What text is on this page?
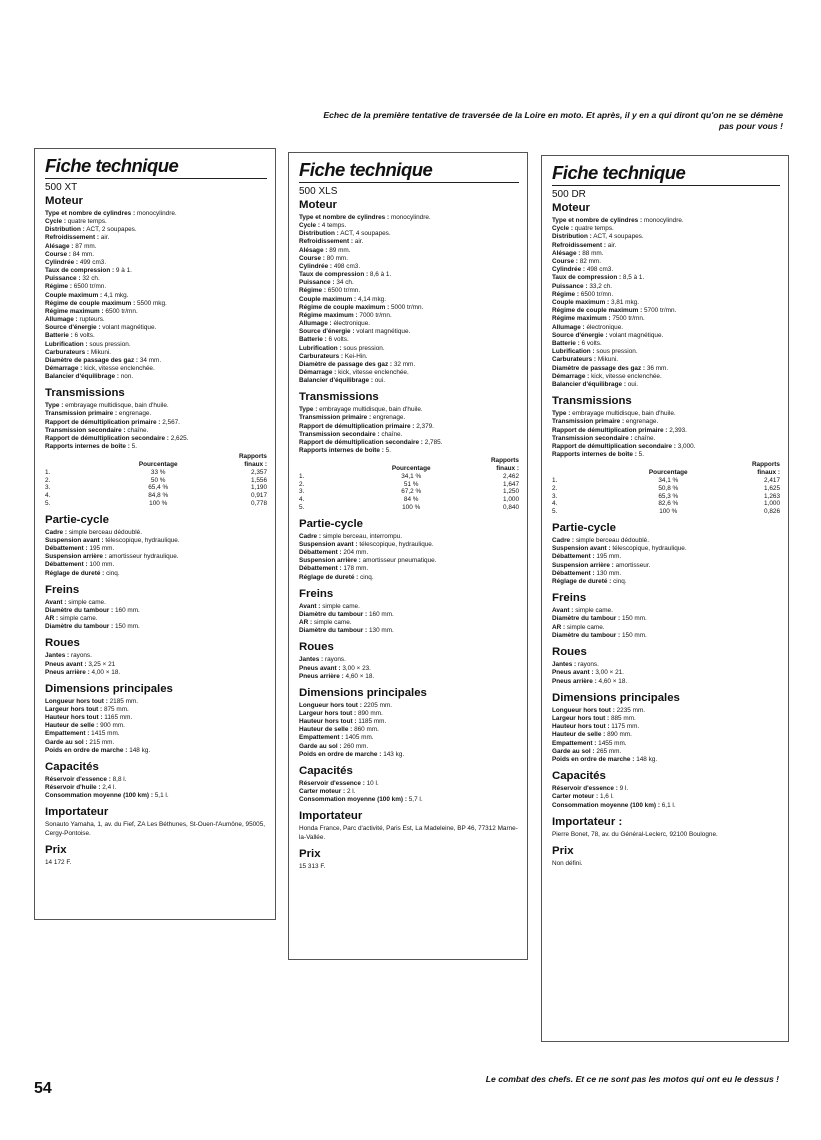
Echec de la première tentative de traversée de la Loire en moto. Et après, il y en a qui diront qu'on ne se démène pas pour vous !
Fiche technique
500 XT
Moteur
Type et nombre de cylindres : monocylindre.
Cycle : quatre temps.
Distribution : ACT, 2 soupapes.
Refroidissement : air.
Alésage : 87 mm.
Course : 84 mm.
Cylindrée : 499 cm3.
Taux de compression : 9 à 1.
Puissance : 32 ch.
Régime : 6500 tr/mn.
Couple maximum : 4,1 mkg.
Régime de couple maximum : 5500 mkg.
Régime maximum : 6500 tr/mn.
Allumage : rupteurs.
Source d'énergie : volant magnétique.
Batterie : 6 volts.
Lubrification : sous pression.
Carburateurs : Mikuni.
Diamètre de passage des gaz : 34 mm.
Démarrage : kick, vitesse enclenchée.
Balancier d'équilibrage : non.
Transmissions
Type : embrayage multidisque, bain d'huile.
Transmission primaire : engrenage.
Rapport de démultiplication primaire : 2,567.
Transmission secondaire : chaîne.
Rapport de démultiplication secondaire : 2,625.
Rapports internes de boîte : 5.
Pourcentage
Rapports
finaux :
1.	33 %	2,357
2.	50 %	1,556
3.	65,4 %	1,190
4.	84,8 %	0,917
5.	100 %	0,778
Partie-cycle
Cadre : simple berceau dédoublé.
Suspension avant : télescopique, hydraulique.
Débattement : 195 mm.
Suspension arrière : amortisseur hydraulique.
Débattement : 100 mm.
Réglage de dureté : cinq.
Freins
Avant : simple came.
Diamètre du tambour : 160 mm.
AR : simple came.
Diamètre du tambour : 150 mm.
Roues
Jantes : rayons.
Pneus avant : 3,25 × 21
Pneus arrière : 4,00 × 18.
Dimensions principales
Longueur hors tout : 2185 mm.
Largeur hors tout : 875 mm.
Hauteur hors tout : 1165 mm.
Hauteur de selle : 900 mm.
Empattement : 1415 mm.
Garde au sol : 215 mm.
Poids en ordre de marche : 148 kg.
Capacités
Réservoir d'essence : 8,8 l.
Réservoir d'huile : 2,4 l.
Consommation moyenne (100 km) : 5,1 l.
Importateur
Sonauto Yamaha, 1, av. du Fief, ZA Les Béthunes, St-Ouen-l'Aumône, 95005, Cergy-Pontoise.
Prix
14 172 F.
Fiche technique
500 XLS
Moteur
Type et nombre de cylindres : monocylindre.
Cycle : 4 temps.
Distribution : ACT, 4 soupapes.
Refroidissement : air.
Alésage : 89 mm.
Course : 80 mm.
Cylindrée : 498 cm3.
Taux de compression : 8,6 à 1.
Puissance : 34 ch.
Régime : 6500 tr/mn.
Couple maximum : 4,14 mkg.
Régime de couple maximum : 5000 tr/mn.
Régime maximum : 7000 tr/mn.
Allumage : électronique.
Source d'énergie : volant magnétique.
Batterie : 6 volts.
Lubrification : sous pression.
Carburateurs : Kei-Hin.
Diamètre de passage des gaz : 32 mm.
Démarrage : kick, vitesse enclenchée.
Balancier d'équilibrage : oui.
Transmissions
Type : embrayage multidisque, bain d'huile.
Transmission primaire : engrenage.
Rapport de démultiplication primaire : 2,379.
Transmission secondaire : chaîne.
Rapport de démultiplication secondaire : 2,785.
Rapports internes de boîte : 5.
Pourcentage
Rapports
finaux :
1.	34,1 %	2,462
2.	51 %	1,647
3.	67,2 %	1,250
4.	84 %	1,000
5.	100 %	0,840
Partie-cycle
Cadre : simple berceau, interrompu.
Suspension avant : télescopique, hydraulique.
Débattement : 204 mm.
Suspension arrière : amortisseur pneumatique.
Débattement : 178 mm.
Réglage de dureté : cinq.
Freins
Avant : simple came.
Diamètre du tambour : 160 mm.
AR : simple came.
Diamètre du tambour : 130 mm.
Roues
Jantes : rayons.
Pneus avant : 3,00 × 23.
Pneus arrière : 4,60 × 18.
Dimensions principales
Longueur hors tout : 2205 mm.
Largeur hors tout : 890 mm.
Hauteur hors tout : 1185 mm.
Hauteur de selle : 860 mm.
Empattement : 1405 mm.
Garde au sol : 260 mm.
Poids en ordre de marche : 143 kg.
Capacités
Réservoir d'essence : 10 l.
Carter moteur : 2 l.
Consommation moyenne (100 km) : 5,7 l.
Importateur
Honda France, Parc d'activité, Paris Est, La Madeleine, BP 46, 77312 Marne-la-Vallée.
Prix
15 313 F.
Fiche technique
500 DR
Moteur
Type et nombre de cylindres : monocylindre.
Cycle : quatre temps.
Distribution : ACT, 4 soupapes.
Refroidissement : air.
Alésage : 88 mm.
Course : 82 mm.
Cylindrée : 498 cm3.
Taux de compression : 8,5 à 1.
Puissance : 33,2 ch.
Régime : 6500 tr/mn.
Couple maximum : 3,81 mkg.
Régime de couple maximum : 5700 tr/mn.
Régime maximum : 7500 tr/mn.
Allumage : électronique.
Source d'énergie : volant magnétique.
Batterie : 6 volts.
Lubrification : sous pression.
Carburateurs : Mikuni.
Diamètre de passage des gaz : 36 mm.
Démarrage : kick, vitesse enclenchée.
Balancier d'équilibrage : oui.
Transmissions
Type : embrayage multidisque, bain d'huile.
Transmission primaire : engrenage.
Rapport de démultiplication primaire : 2,393.
Transmission secondaire : chaîne.
Rapport de démultiplication secondaire : 3,000.
Rapports internes de boîte : 5.
Pourcentage
Rapports
finaux :
1.	34,1 %	2,417
2.	50,8 %	1,625
3.	65,3 %	1,263
4.	82,6 %	1,000
5.	100 %	0,826
Partie-cycle
Cadre : simple berceau dédoublé.
Suspension avant : télescopique, hydraulique.
Débattement : 195 mm.
Suspension arrière : amortisseur.
Débattement : 130 mm.
Réglage de dureté : cinq.
Freins
Avant : simple came.
Diamètre du tambour : 150 mm.
AR : simple came.
Diamètre du tambour : 150 mm.
Roues
Jantes : rayons.
Pneus avant : 3,00 × 21.
Pneus arrière : 4,60 × 18.
Dimensions principales
Longueur hors tout : 2235 mm.
Largeur hors tout : 885 mm.
Hauteur hors tout : 1175 mm.
Hauteur de selle : 890 mm.
Empattement : 1455 mm.
Garde au sol : 265 mm.
Poids en ordre de marche : 148 kg.
Capacités
Réservoir d'essence : 9 l.
Carter moteur : 1,6 l.
Consommation moyenne (100 km) : 6,1 l.
Importateur :
Pierre Bonet, 78, av. du Général-Leclerc, 92100 Boulogne.
Prix
Non défini.
54
Le combat des chefs. Et ce ne sont pas les motos qui ont eu le dessus !
